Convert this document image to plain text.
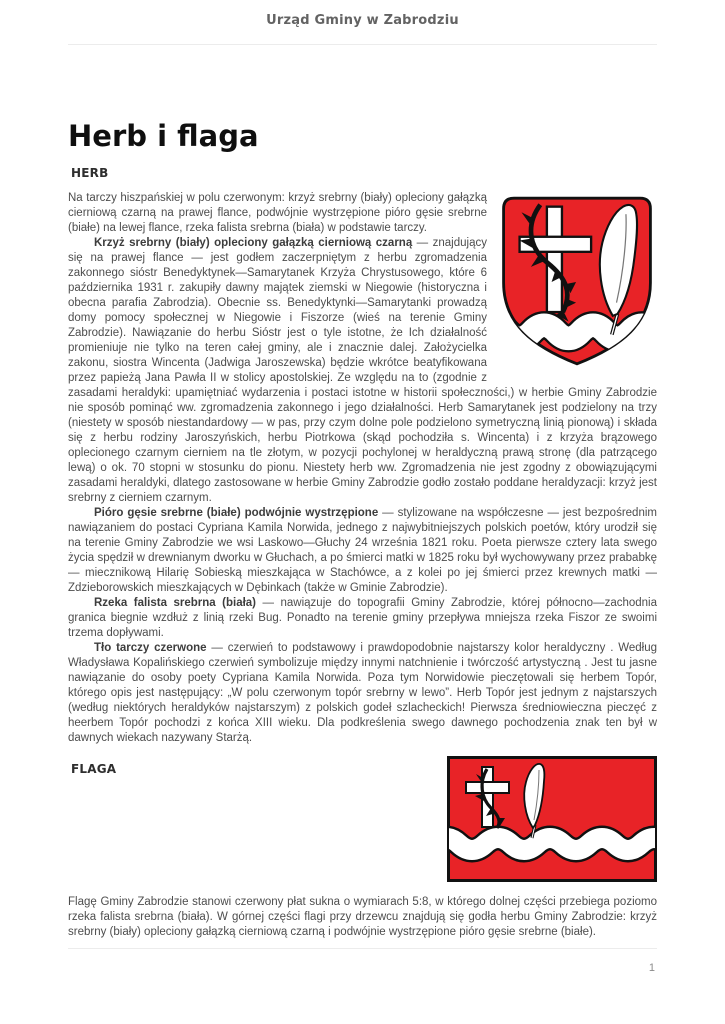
Urząd Gminy w Zabrodziu
Herb i flaga
HERB

Na tarczy hiszpańskiej w polu czerwonym: krzyż srebrny (biały) opleciony gałązką cierniową czarną na prawej flance, podwójnie wystrzępione pióro gęsie srebrne (białe) na lewej flance, rzeka falista srebrna (biała) w podstawie tarczy.

Krzyż srebrny (biały) opleciony gałązką cierniową czarną — znajdujący się na prawej flance — jest godłem zaczerpniętym z herbu zgromadzenia zakonnego sióstr Benedyktynek—Samarytanek Krzyża Chrystusowego, które 6 października 1931 r. zakupiły dawny majątek ziemski w Niegowie (historyczna i obecna parafia Zabrodzia). Obecnie ss. Benedyktynki—Samarytanki prowadzą domy pomocy społecznej w Niegowie i Fiszorze (wieś na terenie Gminy Zabrodzie). Nawiązanie do herbu Sióstr jest o tyle istotne, że Ich działalność promieniuje nie tylko na teren całej gminy, ale i znacznie dalej. Założycielka zakonu, siostra Wincenta (Jadwiga Jaroszewska) będzie wkrótce beatyfikowana przez papieżą Jana Pawła II w stolicy apostolskiej. Ze względu na to (zgodnie z zasadami heraldyki: upamiętniać wydarzenia i postaci istotne w historii społeczności,) w herbie Gminy Zabrodzie nie sposób pominąć ww. zgromadzenia zakonnego i jego działalności. Herb Samarytanek jest podzielony na trzy (niestety w sposób niestandardowy — w pas, przy czym dolne pole podzielono symetryczną linią pionową) i składa się z herbu rodziny Jaroszyńskich, herbu Piotrkowa (skąd pochodziła s. Wincenta) i z krzyża brązowego oplecionego czarnym cierniem na tle złotym, w pozycji pochylonej w heraldyczną prawą stronę (dla patrzącego lewą) o ok. 70 stopni w stosunku do pionu. Niestety herb ww. Zgromadzenia nie jest zgodny z obowiązującymi zasadami heraldyki, dlatego zastosowane w herbie Gminy Zabrodzie godło zostało poddane heraldyzacji: krzyż jest srebrny z cierniem czarnym.

Pióro gęsie srebrne (białe) podwójnie wystrzępione — stylizowane na współczesne — jest bezpośrednim nawiązaniem do postaci Cypriana Kamila Norwida, jednego z najwybitniejszych polskich poetów, który urodził się na terenie Gminy Zabrodzie we wsi Laskowo—Głuchy 24 września 1821 roku. Poeta pierwsze cztery lata swego życia spędził w drewnianym dworku w Głuchach, a po śmierci matki w 1825 roku był wychowywany przez prababkę — miecznikową Hilarię Sobieską mieszkająca w Stachówce, a z kolei po jej śmierci przez krewnych matki — Zdzieborowskich mieszkających w Dębinkach (także w Gminie Zabrodzie).

Rzeka falista srebrna (biała) — nawiązuje do topografii Gminy Zabrodzie, której północno—zachodnia granica biegnie wzdłuż z linią rzeki Bug. Ponadto na terenie gminy przepływa mniejsza rzeka Fiszor ze swoimi trzema dopływami.

Tło tarczy czerwone — czerwień to podstawowy i prawdopodobnie najstarszy kolor heraldyczny . Według Władysława Kopalińskiego czerwień symbolizuje między innymi natchnienie i twórczość artystyczną . Jest tu jasne nawiązanie do osoby poety Cypriana Kamila Norwida. Poza tym Norwidowie pieczętowali się herbem Topór, którego opis jest następujący: „W polu czerwonym topór srebrny w lewo”. Herb Topór jest jednym z najstarszych (według niektórych heraldyków najstarszym) z polskich godeł szlacheckich! Pierwsza średniowieczna pieczęć z heerbem Topór pochodzi z końca XIII wieku. Dla podkreślenia swego dawnego pochodzenia znak ten był w dawnych wiekach nazywany Starżą.

FLAGA

Flagę Gminy Zabrodzie stanowi czerwony płat sukna o wymiarach 5:8, w którego dolnej części przebiega poziomo rzeka falista srebrna (biała). W górnej części flagi przy drzewcu znajdują się godła herbu Gminy Zabrodzie: krzyż srebrny (biały) opleciony gałązką cierniową czarną i podwójnie wystrzępione pióro gęsie srebrne (białe).

1
